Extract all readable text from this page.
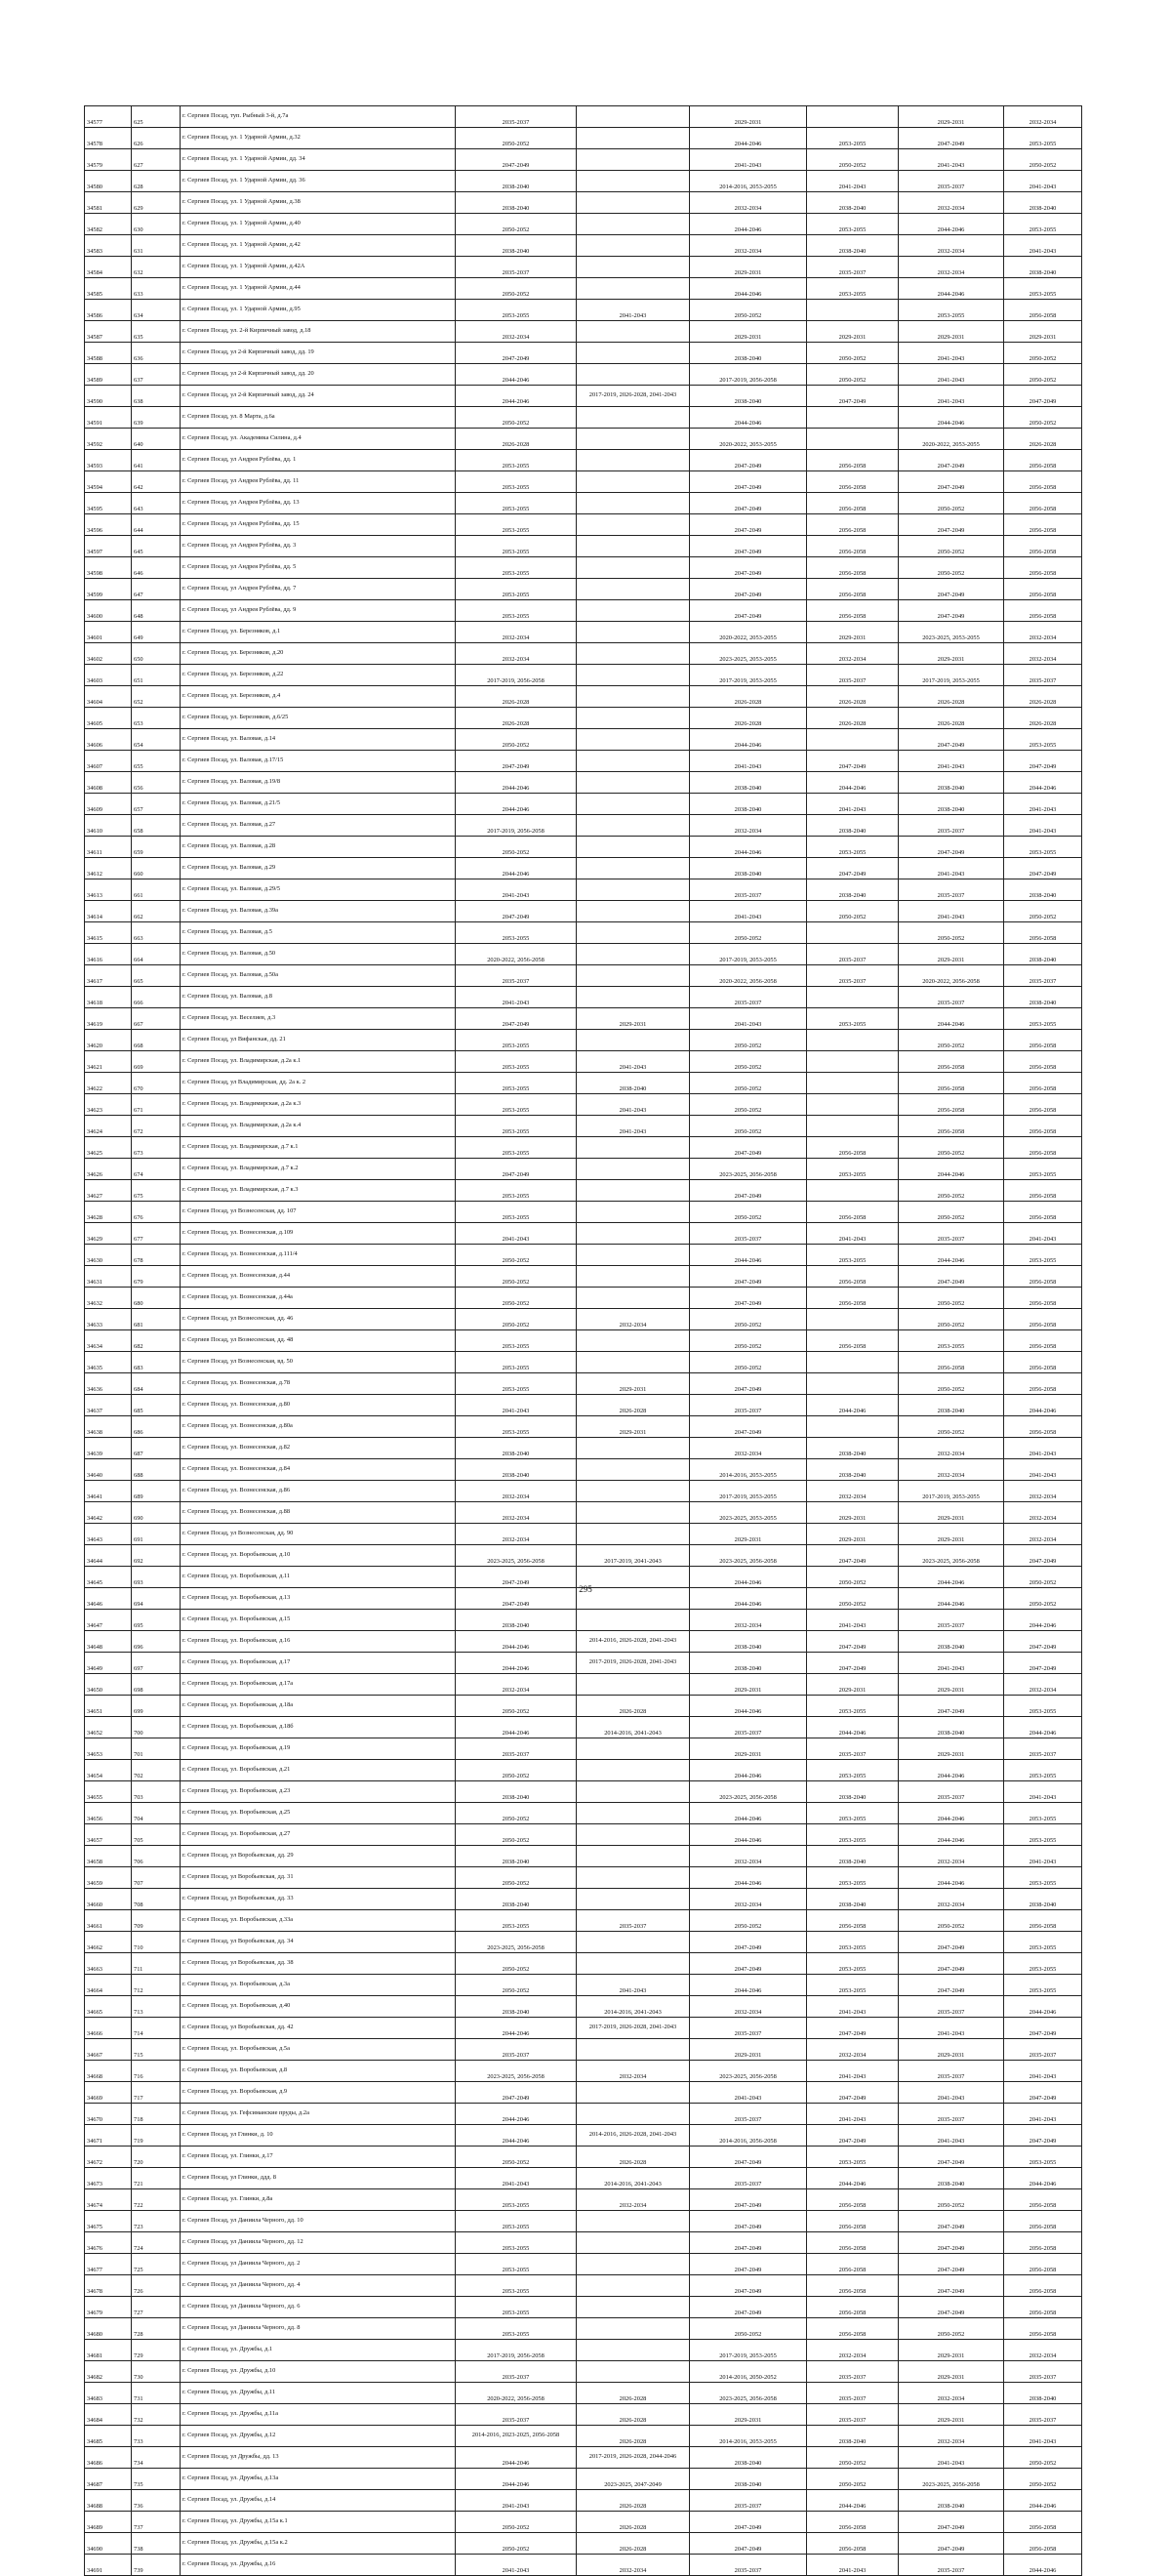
34577	625	г. Сергиев Посад, туп. Рыбный 3-й, д.7а	2035-2037		2029-2031		2029-2031	2032-2034
34578	626	г. Сергиев Посад, ул. 1 Ударной Армии, д.32	2050-2052		2044-2046	2053-2055	2047-2049	2053-2055
34579	627	г. Сергиев Посад, ул. 1 Ударной Армии, дд. 34	2047-2049		2041-2043	2050-2052	2041-2043	2050-2052
34580	628	г. Сергиев Посад, ул. 1 Ударной Армии, дд. 36	2038-2040		2014-2016, 2053-2055	2041-2043	2035-2037	2041-2043
34581	629	г. Сергиев Посад, ул. 1 Ударной Армии, д.38	2038-2040		2032-2034	2038-2040	2032-2034	2038-2040
34582	630	г. Сергиев Посад, ул. 1 Ударной Армии, д.40	2050-2052		2044-2046	2053-2055	2044-2046	2053-2055
34583	631	г. Сергиев Посад, ул. 1 Ударной Армии, д.42	2038-2040		2032-2034	2038-2040	2032-2034	2041-2043
34584	632	г. Сергиев Посад, ул. 1 Ударной Армии, д.42А	2035-2037		2029-2031	2035-2037	2032-2034	2038-2040
34585	633	г. Сергиев Посад, ул. 1 Ударной Армии, д.44	2050-2052		2044-2046	2053-2055	2044-2046	2053-2055
34586	634	г. Сергиев Посад, ул. 1 Ударной Армии, д.95	2053-2055	2041-2043	2050-2052		2053-2055	2056-2058
34587	635	г. Сергиев Посад, ул. 2-й Кирпичный завод, д.18	2032-2034		2029-2031	2029-2031	2029-2031	2029-2031
34588	636	г. Сергиев Посад, ул 2-й Кирпичный завод, дд. 19	2047-2049		2038-2040	2050-2052	2041-2043	2050-2052
34589	637	г. Сергиев Посад, ул 2-й Кирпичный завод, дд. 20	2044-2046		2017-2019, 2056-2058	2050-2052	2041-2043	2050-2052
34590	638	г. Сергиев Посад, ул 2-й Кирпичный завод, дд. 24	2044-2046	2017-2019, 2026-2028, 2041-2043	2038-2040	2047-2049	2041-2043	2047-2049
34591	639	г. Сергиев Посад, ул. 8 Марта, д.6а	2050-2052		2044-2046		2044-2046	2050-2052
34592	640	г. Сергиев Посад, ул. Академика Силина, д.4	2026-2028		2020-2022, 2053-2055		2020-2022, 2053-2055	2026-2028
34593	641	г. Сергиев Посад, ул Андрея Рублёва, дд. 1	2053-2055		2047-2049	2056-2058	2047-2049	2056-2058
34594	642	г. Сергиев Посад, ул Андрея Рублёва, дд. 11	2053-2055		2047-2049	2056-2058	2047-2049	2056-2058
34595	643	г. Сергиев Посад, ул Андрея Рублёва, дд. 13	2053-2055		2047-2049	2056-2058	2050-2052	2056-2058
34596	644	г. Сергиев Посад, ул Андрея Рублёва, дд. 15	2053-2055		2047-2049	2056-2058	2047-2049	2056-2058
34597	645	г. Сергиев Посад, ул Андрея Рублёва, дд. 3	2053-2055		2047-2049	2056-2058	2050-2052	2056-2058
34598	646	г. Сергиев Посад, ул Андрея Рублёва, дд. 5	2053-2055		2047-2049	2056-2058	2050-2052	2056-2058
34599	647	г. Сергиев Посад, ул Андрея Рублёва, дд. 7	2053-2055		2047-2049	2056-2058	2047-2049	2056-2058
34600	648	г. Сергиев Посад, ул Андрея Рублёва, дд. 9	2053-2055		2047-2049	2056-2058	2047-2049	2056-2058
34601	649	г. Сергиев Посад, ул. Березняков, д.1	2032-2034		2020-2022, 2053-2055	2029-2031	2023-2025, 2053-2055	2032-2034
34602	650	г. Сергиев Посад, ул. Березняков, д.20	2032-2034		2023-2025, 2053-2055	2032-2034	2029-2031	2032-2034
34603	651	г. Сергиев Посад, ул. Березняков, д.22	2017-2019, 2056-2058		2017-2019, 2053-2055	2035-2037	2017-2019, 2053-2055	2035-2037
34604	652	г. Сергиев Посад, ул. Березняков, д.4	2026-2028		2026-2028	2026-2028	2026-2028	2026-2028
34605	653	г. Сергиев Посад, ул. Березняков, д.6/25	2026-2028		2026-2028	2026-2028	2026-2028	2026-2028
34606	654	г. Сергиев Посад, ул. Валовая, д.14	2050-2052		2044-2046		2047-2049	2053-2055
34607	655	г. Сергиев Посад, ул. Валовая, д.17/15	2047-2049		2041-2043	2047-2049	2041-2043	2047-2049
34608	656	г. Сергиев Посад, ул. Валовая, д.19/8	2044-2046		2038-2040	2044-2046	2038-2040	2044-2046
34609	657	г. Сергиев Посад, ул. Валовая, д.21/5	2044-2046		2038-2040	2041-2043	2038-2040	2041-2043
34610	658	г. Сергиев Посад, ул. Валовая, д.27	2017-2019, 2056-2058		2032-2034	2038-2040	2035-2037	2041-2043
34611	659	г. Сергиев Посад, ул. Валовая, д.28	2050-2052		2044-2046	2053-2055	2047-2049	2053-2055
34612	660	г. Сергиев Посад, ул. Валовая, д.29	2044-2046		2038-2040	2047-2049	2041-2043	2047-2049
34613	661	г. Сергиев Посад, ул. Валовая, д.29/5	2041-2043		2035-2037	2038-2040	2035-2037	2038-2040
34614	662	г. Сергиев Посад, ул. Валовая, д.39а	2047-2049		2041-2043	2050-2052	2041-2043	2050-2052
34615	663	г. Сергиев Посад, ул. Валовая, д.5	2053-2055		2050-2052		2050-2052	2056-2058
34616	664	г. Сергиев Посад, ул. Валовая, д.50	2020-2022, 2056-2058		2017-2019, 2053-2055	2035-2037	2029-2031	2038-2040
34617	665	г. Сергиев Посад, ул. Валовая, д.50а	2035-2037		2020-2022, 2056-2058	2035-2037	2020-2022, 2056-2058	2035-2037
34618	666	г. Сергиев Посад, ул. Валовая, д.8	2041-2043		2035-2037		2035-2037	2038-2040
34619	667	г. Сергиев Посад, ул. Веселиев, д.3	2047-2049	2029-2031	2041-2043	2053-2055	2044-2046	2053-2055
34620	668	г. Сергиев Посад, ул Вифанская, дд. 21	2053-2055		2050-2052		2050-2052	2056-2058
34621	669	г. Сергиев Посад, ул. Владимирская, д.2а к.1	2053-2055	2041-2043	2050-2052		2056-2058	2056-2058
34622	670	г. Сергиев Посад, ул Владимирская, дд. 2а к. 2	2053-2055	2038-2040	2050-2052		2056-2058	2056-2058
34623	671	г. Сергиев Посад, ул. Владимирская, д.2а к.3	2053-2055	2041-2043	2050-2052		2056-2058	2056-2058
34624	672	г. Сергиев Посад, ул. Владимирская, д.2а к.4	2053-2055	2041-2043	2050-2052		2056-2058	2056-2058
34625	673	г. Сергиев Посад, ул. Владимирская, д.7 к.1	2053-2055		2047-2049	2056-2058	2050-2052	2056-2058
34626	674	г. Сергиев Посад, ул. Владимирская, д.7 к.2	2047-2049		2023-2025, 2056-2058	2053-2055	2044-2046	2053-2055
34627	675	г. Сергиев Посад, ул. Владимирская, д.7 к.3	2053-2055		2047-2049		2050-2052	2056-2058
34628	676	г. Сергиев Посад, ул Вознесенская, дд. 107	2053-2055		2050-2052	2056-2058	2050-2052	2056-2058
34629	677	г. Сергиев Посад, ул. Вознесенская, д.109	2041-2043		2035-2037	2041-2043	2035-2037	2041-2043
34630	678	г. Сергиев Посад, ул. Вознесенская, д.111/4	2050-2052		2044-2046	2053-2055	2044-2046	2053-2055
34631	679	г. Сергиев Посад, ул. Вознесенская, д.44	2050-2052		2047-2049	2056-2058	2047-2049	2056-2058
34632	680	г. Сергиев Посад, ул. Вознесенская, д.44а	2050-2052		2047-2049	2056-2058	2050-2052	2056-2058
34633	681	г. Сергиев Посад, ул Вознесенская, дд. 46	2050-2052	2032-2034	2050-2052		2050-2052	2056-2058
34634	682	г. Сергиев Посад, ул Вознесенская, дд. 48	2053-2055		2050-2052	2056-2058	2053-2055	2056-2058
34635	683	г. Сергиев Посад, ул Вознесенская, вд. 50	2053-2055		2050-2052		2056-2058	2056-2058
34636	684	г. Сергиев Посад, ул. Вознесенская, д.78	2053-2055	2029-2031	2047-2049		2050-2052	2056-2058
34637	685	г. Сергиев Посад, ул. Вознесенская, д.80	2041-2043	2026-2028	2035-2037	2044-2046	2038-2040	2044-2046
34638	686	г. Сергиев Посад, ул. Вознесенская, д.80а	2053-2055	2029-2031	2047-2049		2050-2052	2056-2058
34639	687	г. Сергиев Посад, ул. Вознесенская, д.82	2038-2040		2032-2034	2038-2040	2032-2034	2041-2043
34640	688	г. Сергиев Посад, ул. Вознесенская, д.84	2038-2040		2014-2016, 2053-2055	2038-2040	2032-2034	2041-2043
34641	689	г. Сергиев Посад, ул. Вознесенская, д.86	2032-2034		2017-2019, 2053-2055	2032-2034	2017-2019, 2053-2055	2032-2034
34642	690	г. Сергиев Посад, ул. Вознесенская, д.88	2032-2034		2023-2025, 2053-2055	2029-2031	2029-2031	2032-2034
34643	691	г. Сергиев Посад, ул Вознесенская, дд. 90	2032-2034		2029-2031	2029-2031	2029-2031	2032-2034
34644	692	г. Сергиев Посад, ул. Воробьевская, д.10	2023-2025, 2056-2058	2017-2019, 2041-2043	2023-2025, 2056-2058	2047-2049	2023-2025, 2056-2058	2047-2049
34645	693	г. Сергиев Посад, ул. Воробьевская, д.11	2047-2049		2044-2046	2050-2052	2044-2046	2050-2052
34646	694	г. Сергиев Посад, ул. Воробьевская, д.13	2047-2049		2044-2046	2050-2052	2044-2046	2050-2052
34647	695	г. Сергиев Посад, ул. Воробьевская, д.15	2038-2040		2032-2034	2041-2043	2035-2037	2044-2046
34648	696	г. Сергиев Посад, ул. Воробьевская, д.16	2044-2046	2014-2016, 2026-2028, 2041-2043	2038-2040	2047-2049	2038-2040	2047-2049
34649	697	г. Сергиев Посад, ул. Воробьевская, д.17	2044-2046	2017-2019, 2026-2028, 2041-2043	2038-2040	2047-2049	2041-2043	2047-2049
34650	698	г. Сергиев Посад, ул. Воробьевская, д.17а	2032-2034		2029-2031	2029-2031	2029-2031	2032-2034
34651	699	г. Сергиев Посад, ул. Воробьевская, д.18а	2050-2052	2026-2028	2044-2046	2053-2055	2047-2049	2053-2055
34652	700	г. Сергиев Посад, ул. Воробьевская, д.18б	2044-2046	2014-2016, 2041-2043	2035-2037	2044-2046	2038-2040	2044-2046
34653	701	г. Сергиев Посад, ул. Воробьевская, д.19	2035-2037		2029-2031	2035-2037	2029-2031	2035-2037
34654	702	г. Сергиев Посад, ул. Воробьевская, д.21	2050-2052		2044-2046	2053-2055	2044-2046	2053-2055
34655	703	г. Сергиев Посад, ул. Воробьевская, д.23	2038-2040		2023-2025, 2056-2058	2038-2040	2035-2037	2041-2043
34656	704	г. Сергиев Посад, ул. Воробьевская, д.25	2050-2052		2044-2046	2053-2055	2044-2046	2053-2055
34657	705	г. Сергиев Посад, ул. Воробьевская, д.27	2050-2052		2044-2046	2053-2055	2044-2046	2053-2055
34658	706	г. Сергиев Посад, ул Воробьевская, дд. 29	2038-2040		2032-2034	2038-2040	2032-2034	2041-2043
34659	707	г. Сергиев Посад, ул Воробьевская, дд. 31	2050-2052		2044-2046	2053-2055	2044-2046	2053-2055
34660	708	г. Сергиев Посад, ул Воробьевская, дд. 33	2038-2040		2032-2034	2038-2040	2032-2034	2038-2040
34661	709	г. Сергиев Посад, ул. Воробьевская, д.33а	2053-2055	2035-2037	2050-2052	2056-2058	2050-2052	2056-2058
34662	710	г. Сергиев Посад, ул Воробьевская, дд. 34	2023-2025, 2056-2058		2047-2049	2053-2055	2047-2049	2053-2055
34663	711	г. Сергиев Посад, ул Воробьевская, дд. 38	2050-2052		2047-2049	2053-2055	2047-2049	2053-2055
34664	712	г. Сергиев Посад, ул. Воробьевская, д.3а	2050-2052	2041-2043	2044-2046	2053-2055	2047-2049	2053-2055
34665	713	г. Сергиев Посад, ул. Воробьевская, д.40	2038-2040	2014-2016, 2041-2043	2032-2034	2041-2043	2035-2037	2044-2046
34666	714	г. Сергиев Посад, ул Воробьевская, дд. 42	2044-2046	2017-2019, 2026-2028, 2041-2043	2035-2037	2047-2049	2041-2043	2047-2049
34667	715	г. Сергиев Посад, ул. Воробьевская, д.5а	2035-2037		2029-2031	2032-2034	2029-2031	2035-2037
34668	716	г. Сергиев Посад, ул. Воробьевская, д.8	2023-2025, 2056-2058	2032-2034	2023-2025, 2056-2058	2041-2043	2035-2037	2041-2043
34669	717	г. Сергиев Посад, ул. Воробьевская, д.9	2047-2049		2041-2043	2047-2049	2041-2043	2047-2049
34670	718	г. Сергиев Посад, ул. Гефсиманские пруды, д.2а	2044-2046		2035-2037	2041-2043	2035-2037	2041-2043
34671	719	г. Сергиев Посад, ул Глинки, д. 10	2044-2046	2014-2016, 2026-2028, 2041-2043	2014-2016, 2056-2058	2047-2049	2041-2043	2047-2049
34672	720	г. Сергиев Посад, ул. Глинки, д.17	2050-2052	2026-2028	2047-2049	2053-2055	2047-2049	2053-2055
34673	721	г. Сергиев Посад, ул Глинки, ддд. 8	2041-2043	2014-2016, 2041-2043	2035-2037	2044-2046	2038-2040	2044-2046
34674	722	г. Сергиев Посад, ул. Глинки, д.8а	2053-2055	2032-2034	2047-2049	2056-2058	2050-2052	2056-2058
34675	723	г. Сергиев Посад, ул Даниила Черного, дд. 10	2053-2055		2047-2049	2056-2058	2047-2049	2056-2058
34676	724	г. Сергиев Посад, ул Даниила Черного, дд. 12	2053-2055		2047-2049	2056-2058	2047-2049	2056-2058
34677	725	г. Сергиев Посад, ул Даниила Черного, дд. 2	2053-2055		2047-2049	2056-2058	2047-2049	2056-2058
34678	726	г. Сергиев Посад, ул Даниила Черного, дд. 4	2053-2055		2047-2049	2056-2058	2047-2049	2056-2058
34679	727	г. Сергиев Посад, ул Даниила Черного, дд. 6	2053-2055		2047-2049	2056-2058	2047-2049	2056-2058
34680	728	г. Сергиев Посад, ул Даниила Черного, дд. 8	2053-2055		2050-2052	2056-2058	2050-2052	2056-2058
34681	729	г. Сергиев Посад, ул. Дружбы, д.1	2017-2019, 2056-2058		2017-2019, 2053-2055	2032-2034	2029-2031	2032-2034
34682	730	г. Сергиев Посад, ул. Дружбы, д.10	2035-2037		2014-2016, 2050-2052	2035-2037	2029-2031	2035-2037
34683	731	г. Сергиев Посад, ул. Дружбы, д.11	2020-2022, 2056-2058	2026-2028	2023-2025, 2056-2058	2035-2037	2032-2034	2038-2040
34684	732	г. Сергиев Посад, ул. Дружбы, д.11а	2035-2037	2026-2028	2029-2031	2035-2037	2029-2031	2035-2037
34685	733	г. Сергиев Посад, ул. Дружбы, д.12	2014-2016, 2023-2025, 2056-2058	2026-2028	2014-2016, 2053-2055	2038-2040	2032-2034	2041-2043
34686	734	г. Сергиев Посад, ул Дружбы, дд. 13	2044-2046	2017-2019, 2026-2028, 2044-2046	2038-2040	2050-2052	2041-2043	2050-2052
34687	735	г. Сергиев Посад, ул. Дружбы, д.13а	2044-2046	2023-2025, 2047-2049	2038-2040	2050-2052	2023-2025, 2056-2058	2050-2052
34688	736	г. Сергиев Посад, ул. Дружбы, д.14	2041-2043	2026-2028	2035-2037	2044-2046	2038-2040	2044-2046
34689	737	г. Сергиев Посад, ул. Дружбы, д.15а к.1	2050-2052	2026-2028	2047-2049	2056-2058	2047-2049	2056-2058
34690	738	г. Сергиев Посад, ул. Дружбы, д.15а к.2	2050-2052	2026-2028	2047-2049	2056-2058	2047-2049	2056-2058
34691	739	г. Сергиев Посад, ул. Дружбы, д.16	2041-2043	2032-2034	2035-2037	2041-2043	2035-2037	2044-2046
295
